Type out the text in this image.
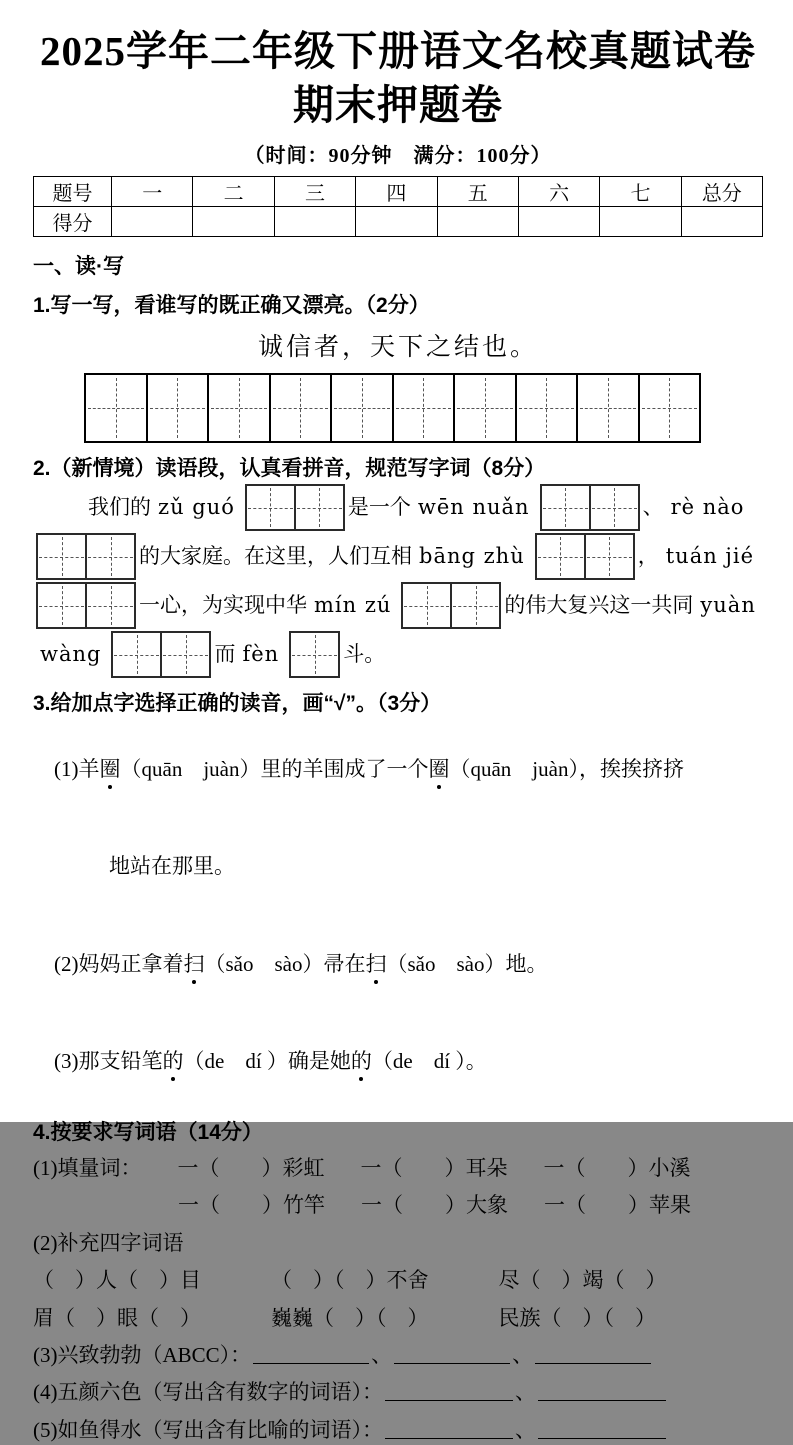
2025学年二年级下册语文名校真题试卷
期末押题卷
（时间：90分钟　满分：100分）
题号	一	二	三	四	五	六	七	总分
得分								
一、读·写
1.写一写，看谁写的既正确又漂亮。（2分）
诚信者，天下之结也。
2.（新情境）读语段，认真看拼音，规范写字词（8分）
我们的 zǔ guó	是一个 wēn nuǎn	、 rè nào
的大家庭。在这里，人们互相 bāng zhù	， tuán jié
一心，为实现中华 mín zú	的伟大复兴这一共同 yuàn
wàng	而 fèn	斗。
3.给加点字选择正确的读音，画“√”。（3分）

(1)羊圈（quān　juàn）里的羊围成了一个圈（quān　juàn），挨挨挤挤

地站在那里。

(2)妈妈正拿着扫（sǎo　sào）帚在扫（sǎo　sào）地。

(3)那支铅笔的（de　dí ）确是她的（de　dí ）。

4.按要求写词语（14分）
(1)填量词： 一（　　）彩虹 一（　　）耳朵 一（　　）小溪
一（　　）竹竿 一（　　）大象 一（　　）苹果
(2)补充四字词语
（　）人（　）目	（　）（　）不舍	尽（　）竭（　）
眉（　）眼（　）	巍巍（　）（　）	民族（　）（　）
(3)兴致勃勃（ABCC）：	、	、
(4)五颜六色（写出含有数字的词语）：	、
(5)如鱼得水（写出含有比喻的词语）：	、
